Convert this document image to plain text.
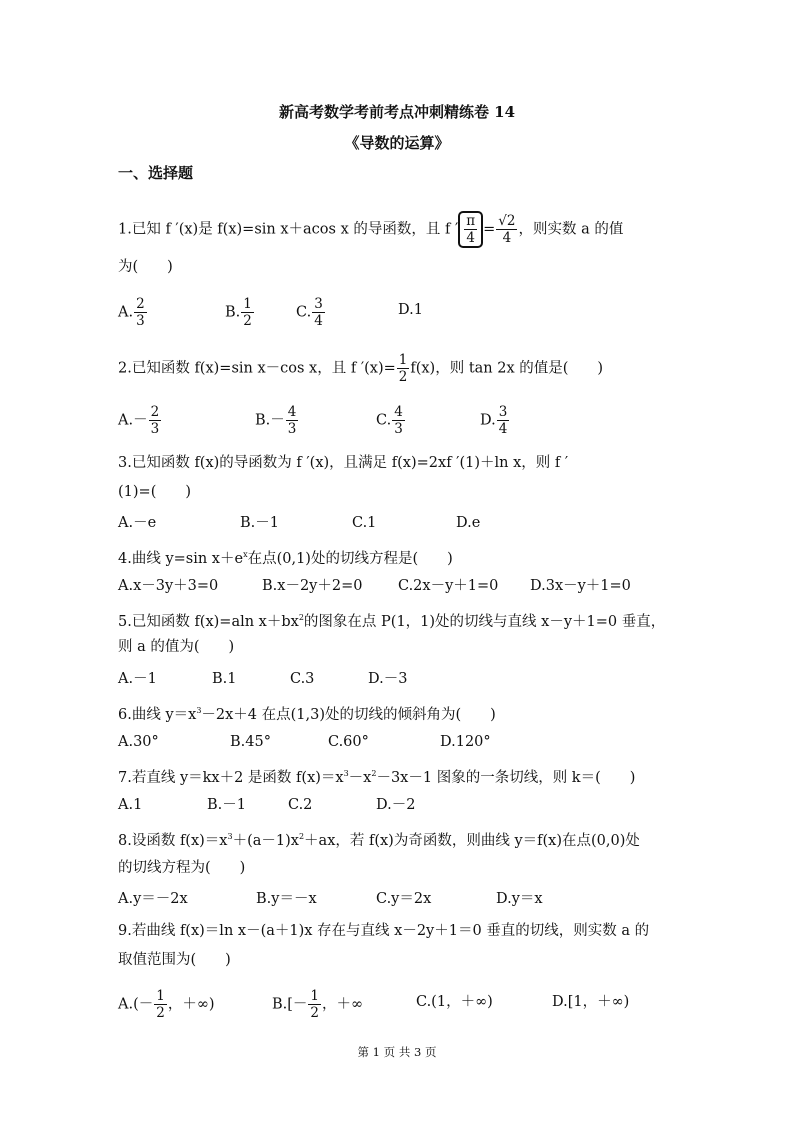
新高考数学考前考点冲刺精练卷 14
《导数的运算》
一、选择题
1.已知 f ′(x)是 f(x)=sin x＋acos x 的导函数，且 f ′ $\frac{\pi}{4} = \frac{√2}{4}$ ，则实数 a 的值
为(　　)
A. $\frac{2}{3}$	B. $\frac{1}{2}$	C. $\frac{3}{4}$	D.1
2.已知函数 f(x)=sin x－cos x，且 f $'(x)= \frac{1}{2} f(x)$，则 tan 2x 的值是(　　)
$A.- \frac{2}{3}$	$B.- \frac{4}{3}$	C. $\frac{4}{3}$	D. $\frac{3}{4}$
3.已知函数 f(x)的导函数为 f ′(x)，且满足 f(x)=2xf ′(1)＋ln x，则 f ′
(1)=(　　)
A.－e	B.－1	C.1	D.e
4.曲线 y=sin $x+e^x$在点(0,1)处的切线方程是(　　)
A.x－3y＋3=0	B.x－2y＋2=0 C.2x－y＋1=0 D.3x－y＋1=0
5.已知函数 f(x)=aln $x+bx^2$的图象在点 P(1，1)处的切线与直线 x－y＋1=0 垂直，
则 a 的值为(　　)
A.－1	B.1	C.3	D.－3
6.曲线 $y=x^3-2x+4$ 在点(1,3)处的切线的倾斜角为(　　)
A.30°	B.45°	C.60°	D.120°
7.若直线 y＝kx＋2 是函数 $f(x)=x^3-x^2-3x-1$ 图象的一条切线，则 k＝(　　)
A.1	B.－1	C.2	D.－2
8.设函数 $f(x)=x^3+(a-1)x^2+ax$，若 f(x)为奇函数，则曲线 y＝f(x)在点(0,0)处
的切线方程为(　　)
A.y＝－2x	B.y＝－x	C.y＝2x	D.y＝x
9.若曲线 f(x)＝ln x－(a＋1)x 存在与直线 x－2y＋1＝0 垂直的切线，则实数 a 的
取值范围为(　　)
$A.(- \frac{1}{2}$ ，＋∞)	$B.[- \frac{1}{2}$ ，＋∞	C.(1，＋∞)	D.[1，＋∞)
第 1 页 共 3 页
